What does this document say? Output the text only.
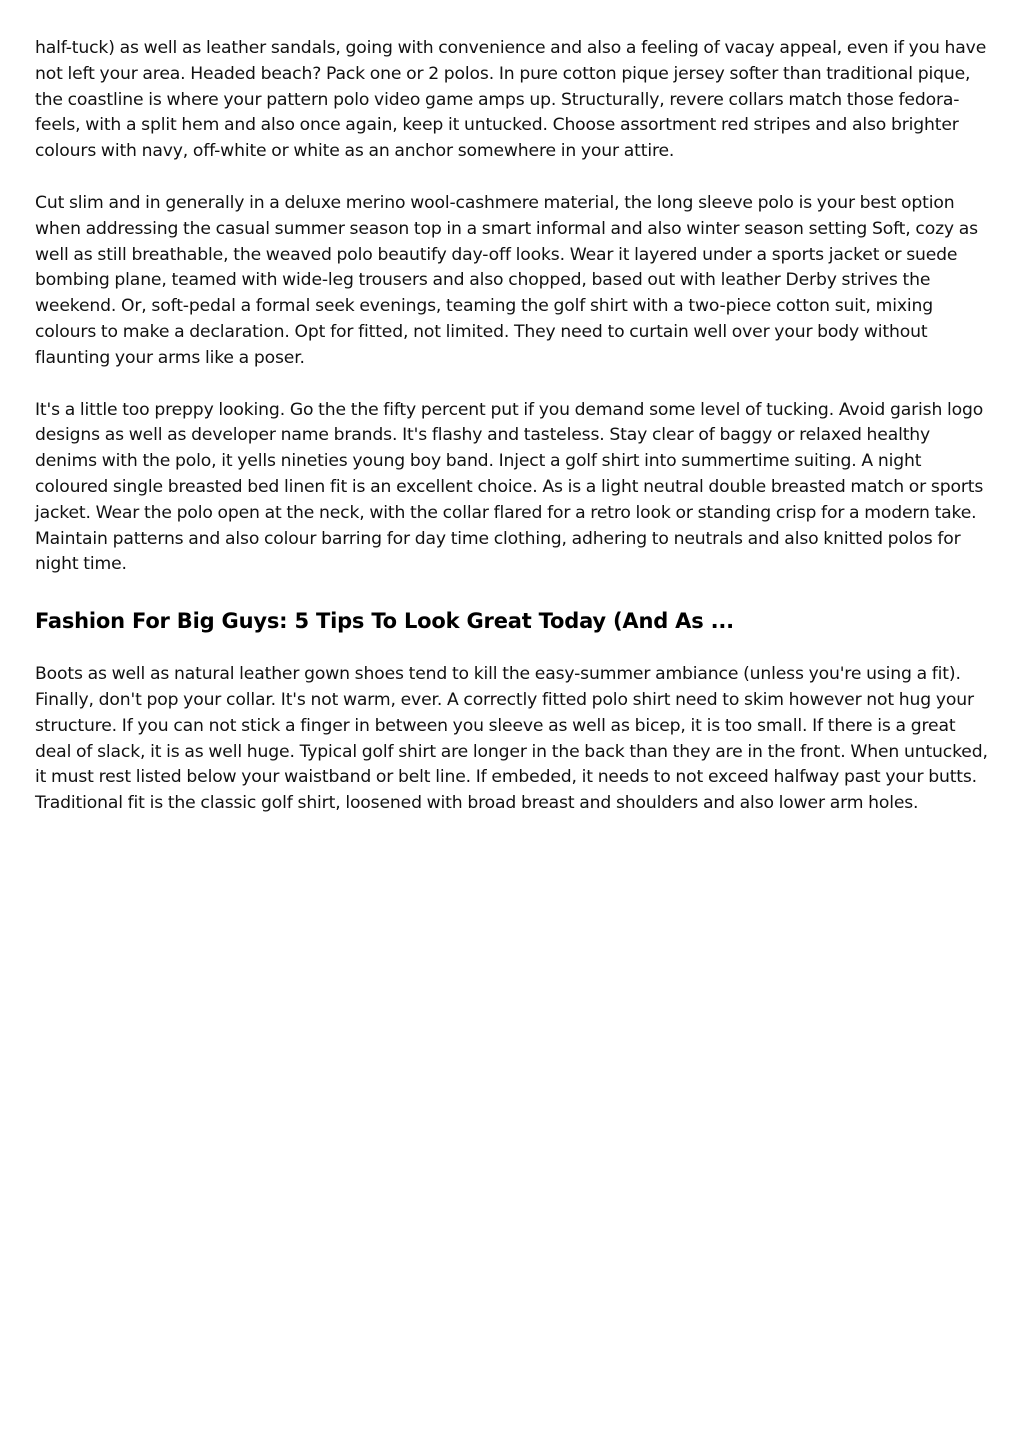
half-tuck) as well as leather sandals, going with convenience and also a feeling of vacay appeal, even if you have not left your area. Headed beach? Pack one or 2 polos. In pure cotton pique jersey softer than traditional pique, the coastline is where your pattern polo video game amps up. Structurally, revere collars match those fedora-feels, with a split hem and also once again, keep it untucked. Choose assortment red stripes and also brighter colours with navy, off-white or white as an anchor somewhere in your attire.

Cut slim and in generally in a deluxe merino wool-cashmere material, the long sleeve polo is your best option when addressing the casual summer season top in a smart informal and also winter season setting Soft, cozy as well as still breathable, the weaved polo beautify day-off looks. Wear it layered under a sports jacket or suede bombing plane, teamed with wide-leg trousers and also chopped, based out with leather Derby strives the weekend. Or, soft-pedal a formal seek evenings, teaming the golf shirt with a two-piece cotton suit, mixing colours to make a declaration. Opt for fitted, not limited. They need to curtain well over your body without flaunting your arms like a poser.

It's a little too preppy looking. Go the the fifty percent put if you demand some level of tucking. Avoid garish logo designs as well as developer name brands. It's flashy and tasteless. Stay clear of baggy or relaxed healthy denims with the polo, it yells nineties young boy band. Inject a golf shirt into summertime suiting. A night coloured single breasted bed linen fit is an excellent choice. As is a light neutral double breasted match or sports jacket. Wear the polo open at the neck, with the collar flared for a retro look or standing crisp for a modern take. Maintain patterns and also colour barring for day time clothing, adhering to neutrals and also knitted polos for night time.

Fashion For Big Guys: 5 Tips To Look Great Today (And As ...

Boots as well as natural leather gown shoes tend to kill the easy-summer ambiance (unless you're using a fit). Finally, don't pop your collar. It's not warm, ever. A correctly fitted polo shirt need to skim however not hug your structure. If you can not stick a finger in between you sleeve as well as bicep, it is too small. If there is a great deal of slack, it is as well huge. Typical golf shirt are longer in the back than they are in the front. When untucked, it must rest listed below your waistband or belt line. If embeded, it needs to not exceed halfway past your butts. Traditional fit is the classic golf shirt, loosened with broad breast and shoulders and also lower arm holes.
